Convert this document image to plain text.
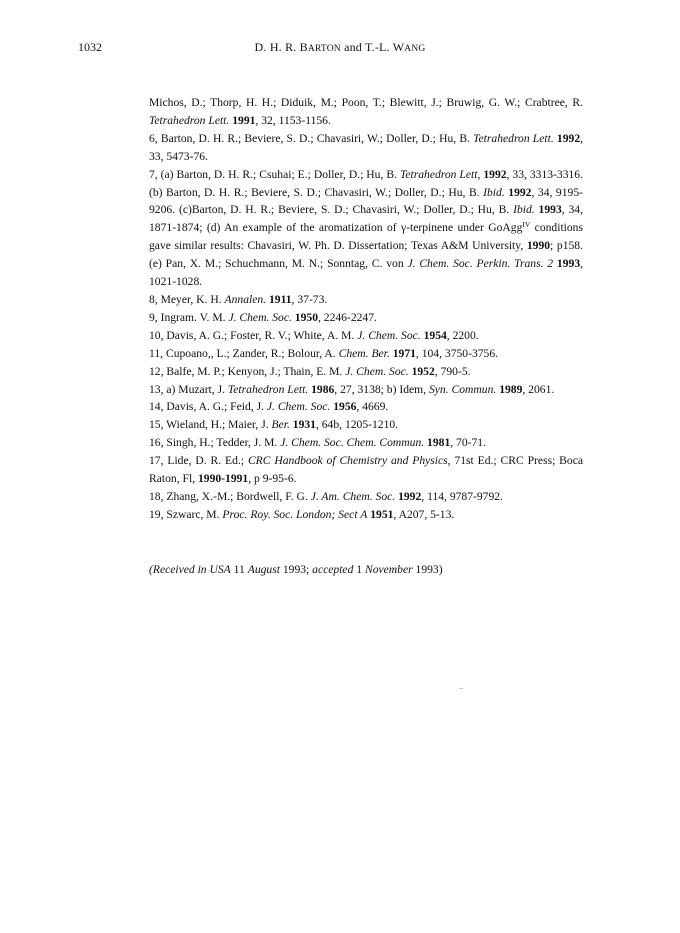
1032	D. H. R. BARTON and T.-L. WANG

Michos, D.; Thorp, H. H.; Diduik, M.; Poon, T.; Blewitt, J.; Bruwig, G. W.; Crabtree, R. Tetrahedron Lett. 1991, 32, 1153-1156.

6, Barton, D. H. R.; Beviere, S. D.; Chavasiri, W.; Doller, D.; Hu, B. Tetrahedron Lett. 1992, 33, 5473-76.

7, (a) Barton, D. H. R.; Csuhai; E.; Doller, D.; Hu, B. Tetrahedron Lett, 1992, 33, 3313-3316. (b) Barton, D. H. R.; Beviere, S. D.; Chavasiri, W.; Doller, D.; Hu, B. Ibid. 1992, 34, 9195-9206. (c)Barton, D. H. R.; Beviere, S. D.; Chavasiri, W.; Doller, D.; Hu, B. Ibid. 1993, 34, 1871-1874; (d) An example of the aromatization of γ-terpinene under GoAgg$^{IV}$ conditions gave similar results: Chavasiri, W. Ph. D. Dissertation; Texas A&M University, 1990; p158. (e) Pan, X. M.; Schuchmann, M. N.; Sonntag, C. von J. Chem. Soc. Perkin. Trans. 2 1993, 1021-1028.

8, Meyer, K. H. Annalen. 1911, 37-73.

9, Ingram. V. M. J. Chem. Soc. 1950, 2246-2247.

10, Davis, A. G.; Foster, R. V.; White, A. M. J. Chem. Soc. 1954, 2200.

11, Cupoano,, L.; Zander, R.; Bolour, A. Chem. Ber. 1971, 104, 3750-3756.

12, Balfe, M. P.; Kenyon, J.; Thain, E. M. J. Chem. Soc. 1952, 790-5.

13, a) Muzart, J. Tetrahedron Lett. 1986, 27, 3138; b) Idem, Syn. Commun. 1989, 2061.

14, Davis, A. G.; Feid, J. J. Chem. Soc. 1956, 4669.

15, Wieland, H.; Maier, J. Ber. 1931, 64b, 1205-1210.

16, Singh, H.; Tedder, J. M. J. Chem. Soc. Chem. Commun. 1981, 70-71.

17, Lide, D. R. Ed.; CRC Handbook of Chemistry and Physics, 71st Ed.; CRC Press; Boca Raton, Fl, 1990-1991, p 9-95-6.

18, Zhang, X.-M.; Bordwell, F. G. J. Am. Chem. Soc. 1992, 114, 9787-9792.

19, Szwarc, M. Proc. Roy. Soc. London; Sect A 1951, A207, 5-13.

(Received in USA 11 August 1993; accepted 1 November 1993)
